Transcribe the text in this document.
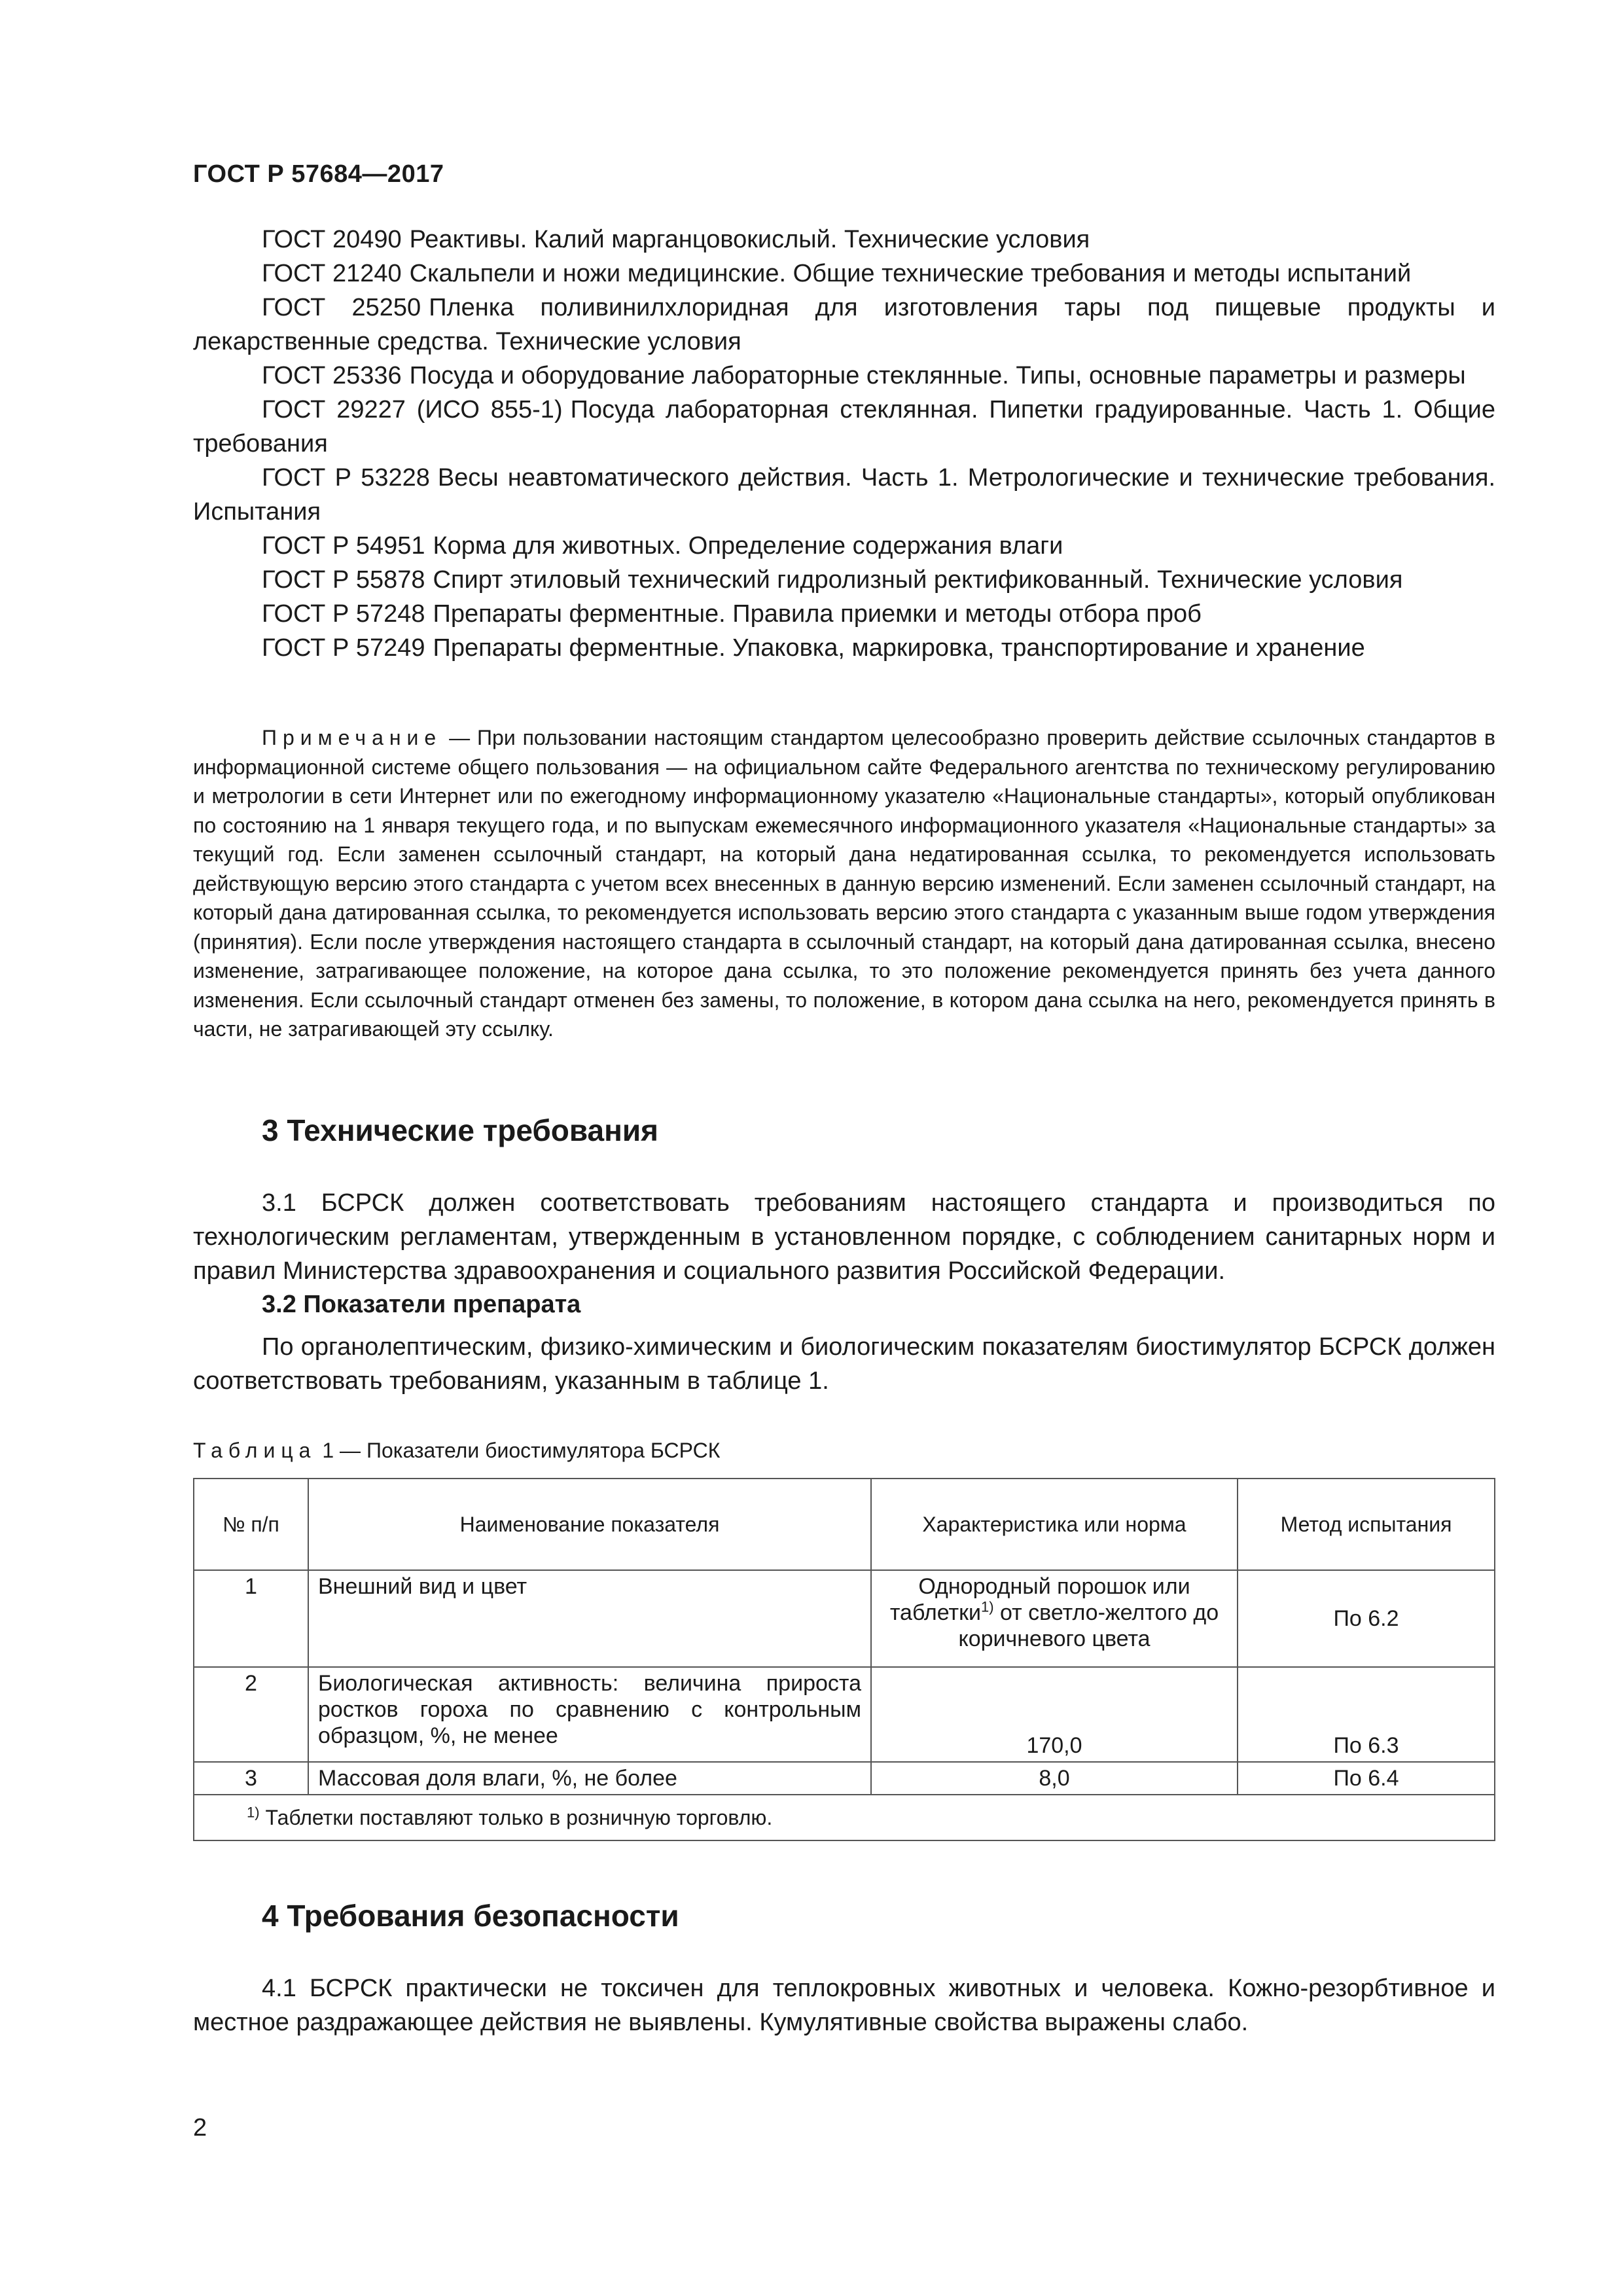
ГОСТ Р 57684—2017

ГОСТ 20490 Реактивы. Калий марганцовокислый. Технические условия

ГОСТ 21240 Скальпели и ножи медицинские. Общие технические требования и методы испытаний

ГОСТ 25250 Пленка поливинилхлоридная для изготовления тары под пищевые продукты и лекарственные средства. Технические условия

ГОСТ 25336 Посуда и оборудование лабораторные стеклянные. Типы, основные параметры и размеры

ГОСТ 29227 (ИСО 855-1) Посуда лабораторная стеклянная. Пипетки градуированные. Часть 1. Общие требования

ГОСТ Р 53228 Весы неавтоматического действия. Часть 1. Метрологические и технические требования. Испытания

ГОСТ Р 54951 Корма для животных. Определение содержания влаги

ГОСТ Р 55878 Спирт этиловый технический гидролизный ректификованный. Технические условия

ГОСТ Р 57248 Препараты ферментные. Правила приемки и методы отбора проб

ГОСТ Р 57249 Препараты ферментные. Упаковка, маркировка, транспортирование и хранение

Примечание — При пользовании настоящим стандартом целесообразно проверить действие ссылочных стандартов в информационной системе общего пользования — на официальном сайте Федерального агентства по техническому регулированию и метрологии в сети Интернет или по ежегодному информационному указателю «Национальные стандарты», который опубликован по состоянию на 1 января текущего года, и по выпускам ежемесячного информационного указателя «Национальные стандарты» за текущий год. Если заменен ссылочный стандарт, на который дана недатированная ссылка, то рекомендуется использовать действующую версию этого стандарта с учетом всех внесенных в данную версию изменений. Если заменен ссылочный стандарт, на который дана датированная ссылка, то рекомендуется использовать версию этого стандарта с указанным выше годом утверждения (принятия). Если после утверждения настоящего стандарта в ссылочный стандарт, на который дана датированная ссылка, внесено изменение, затрагивающее положение, на которое дана ссылка, то это положение рекомендуется принять без учета данного изменения. Если ссылочный стандарт отменен без замены, то положение, в котором дана ссылка на него, рекомендуется принять в части, не затрагивающей эту ссылку.

3 Технические требования

3.1 БСРСК должен соответствовать требованиям настоящего стандарта и производиться по технологическим регламентам, утвержденным в установленном порядке, с соблюдением санитарных норм и правил Министерства здравоохранения и социального развития Российской Федерации.

3.2 Показатели препарата

По органолептическим, физико-химическим и биологическим показателям биостимулятор БСРСК должен соответствовать требованиям, указанным в таблице 1.

Таблица 1 — Показатели биостимулятора БСРСК
№ п/п	Наименование показателя	Характеристика или норма	Метод испытания
1	Внешний вид и цвет	Однородный порошок или таблетки$^{1)}$ от светло-желтого до коричневого цвета	По 6.2
2	Биологическая активность: величина прироста ростков гороха по сравнению с контрольным образцом, %, не менее	170,0	По 6.3
3	Массовая доля влаги, %, не более	8,0	По 6.4
$^{1)}$ Таблетки поставляют только в розничную торговлю.			
4 Требования безопасности

4.1 БСРСК практически не токсичен для теплокровных животных и человека. Кожно-резорбтивное и местное раздражающее действия не выявлены. Кумулятивные свойства выражены слабо.

2
